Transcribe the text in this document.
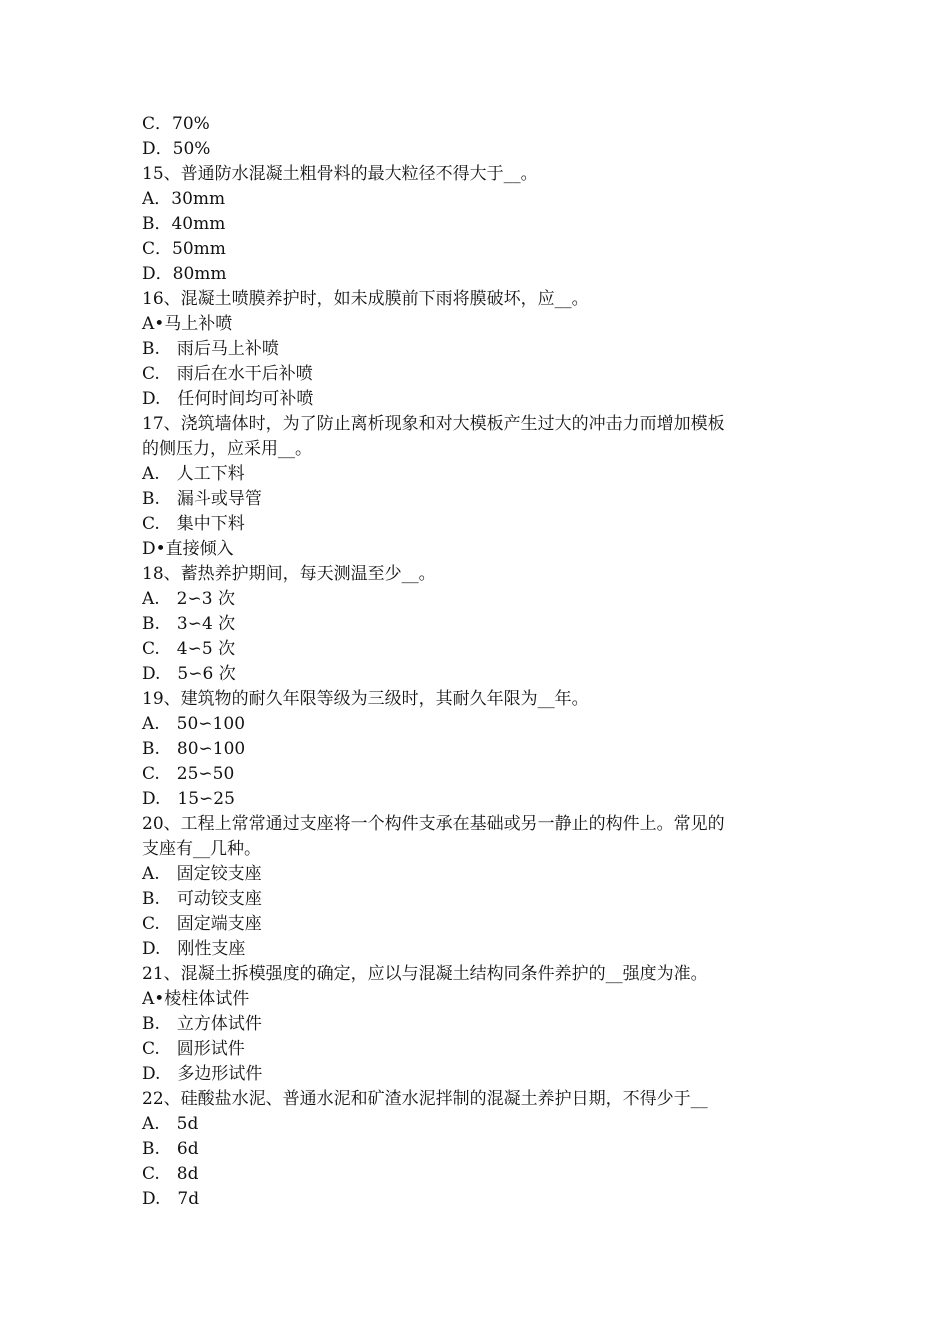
C．70%
D．50%
15、普通防水混凝土粗骨料的最大粒径不得大于__。
A．30mm
B．40mm
C．50mm
D．80mm
16、混凝土喷膜养护时，如未成膜前下雨将膜破坏，应__。
A•马上补喷
B.　雨后马上补喷
C.　雨后在水干后补喷
D.　任何时间均可补喷
17、浇筑墙体时，为了防止离析现象和对大模板产生过大的冲击力而增加模板
的侧压力，应采用__。
A.　人工下料
B.　漏斗或导管
C.　集中下料
D•直接倾入
18、蓄热养护期间，每天测温至少__。
A.　2∽3 次
B.　3∽4 次
C.　4∽5 次
D.　5∽6 次
19、建筑物的耐久年限等级为三级时，其耐久年限为__年。
A.　50∽100
B.　80∽100
C.　25∽50
D.　15∽25
20、工程上常常通过支座将一个构件支承在基础或另一静止的构件上。常见的
支座有__几种。
A.　固定铰支座
B.　可动铰支座
C.　固定端支座
D.　刚性支座
21、混凝土拆模强度的确定，应以与混凝土结构同条件养护的__强度为准。
A•棱柱体试件
B.　立方体试件
C.　圆形试件
D.　多边形试件
22、硅酸盐水泥、普通水泥和矿渣水泥拌制的混凝土养护日期，不得少于__
A.　5d
B.　6d
C.　8d
D.　7d
